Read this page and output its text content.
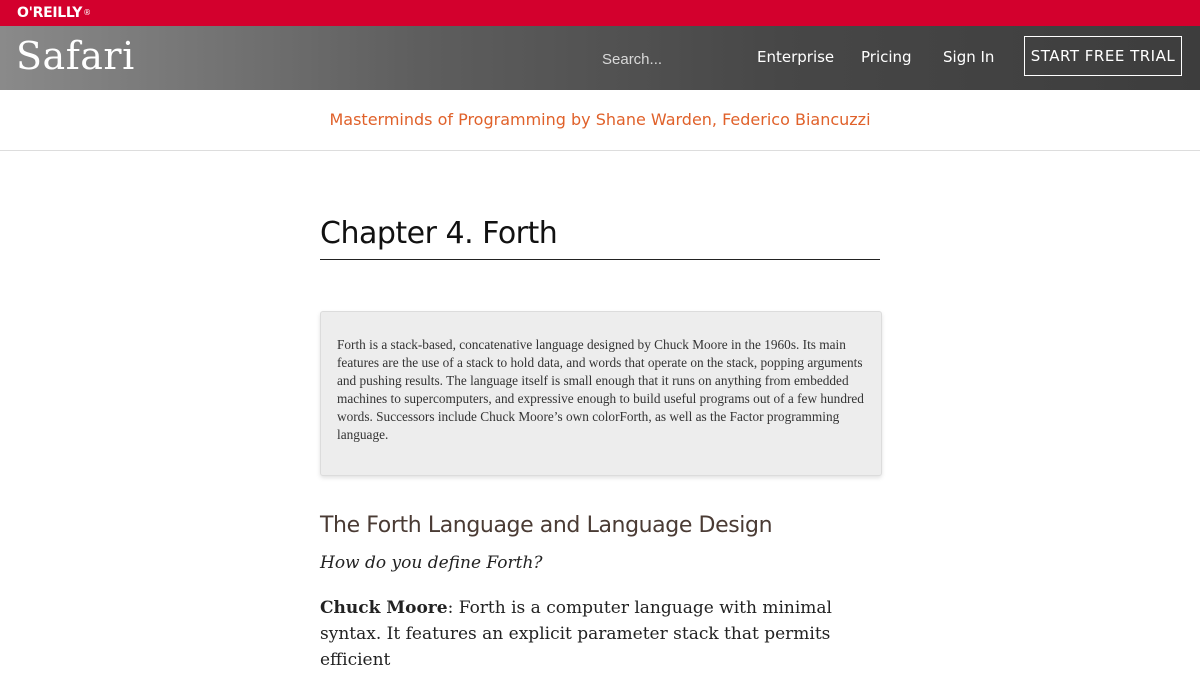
O'REILLY®
Safari
Search...	Enterprise Pricing Sign In	START FREE TRIAL
Masterminds of Programming by Shane Warden, Federico Biancuzzi
Chapter 4. Forth

Forth is a stack-based, concatenative language designed by Chuck Moore in the 1960s. Its main features are the use of a stack to hold data, and words that operate on the stack, popping arguments and pushing results. The language itself is small enough that it runs on anything from embedded machines to supercomputers, and expressive enough to build useful programs out of a few hundred words. Successors include Chuck Moore’s own colorForth, as well as the Factor programming language.

The Forth Language and Language Design

How do you define Forth?

Chuck Moore: Forth is a computer language with minimal syntax. It features an explicit parameter stack that permits efficient
